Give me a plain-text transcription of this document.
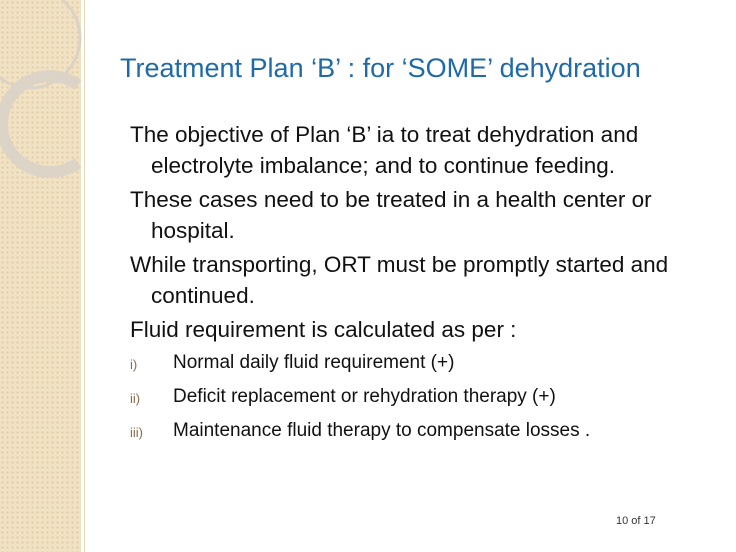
Treatment Plan ‘B’ : for ‘SOME’ dehydration
The objective of Plan ‘B’ ia to treat dehydration and electrolyte imbalance; and to continue feeding.
These cases need to be treated in a health center or hospital.
While transporting, ORT must be promptly started and continued.
Fluid requirement is calculated as per :
i)	Normal daily fluid requirement (+)
ii)	Deficit replacement or rehydration therapy (+)
iii)	Maintenance fluid therapy to compensate losses .
10 of 17
